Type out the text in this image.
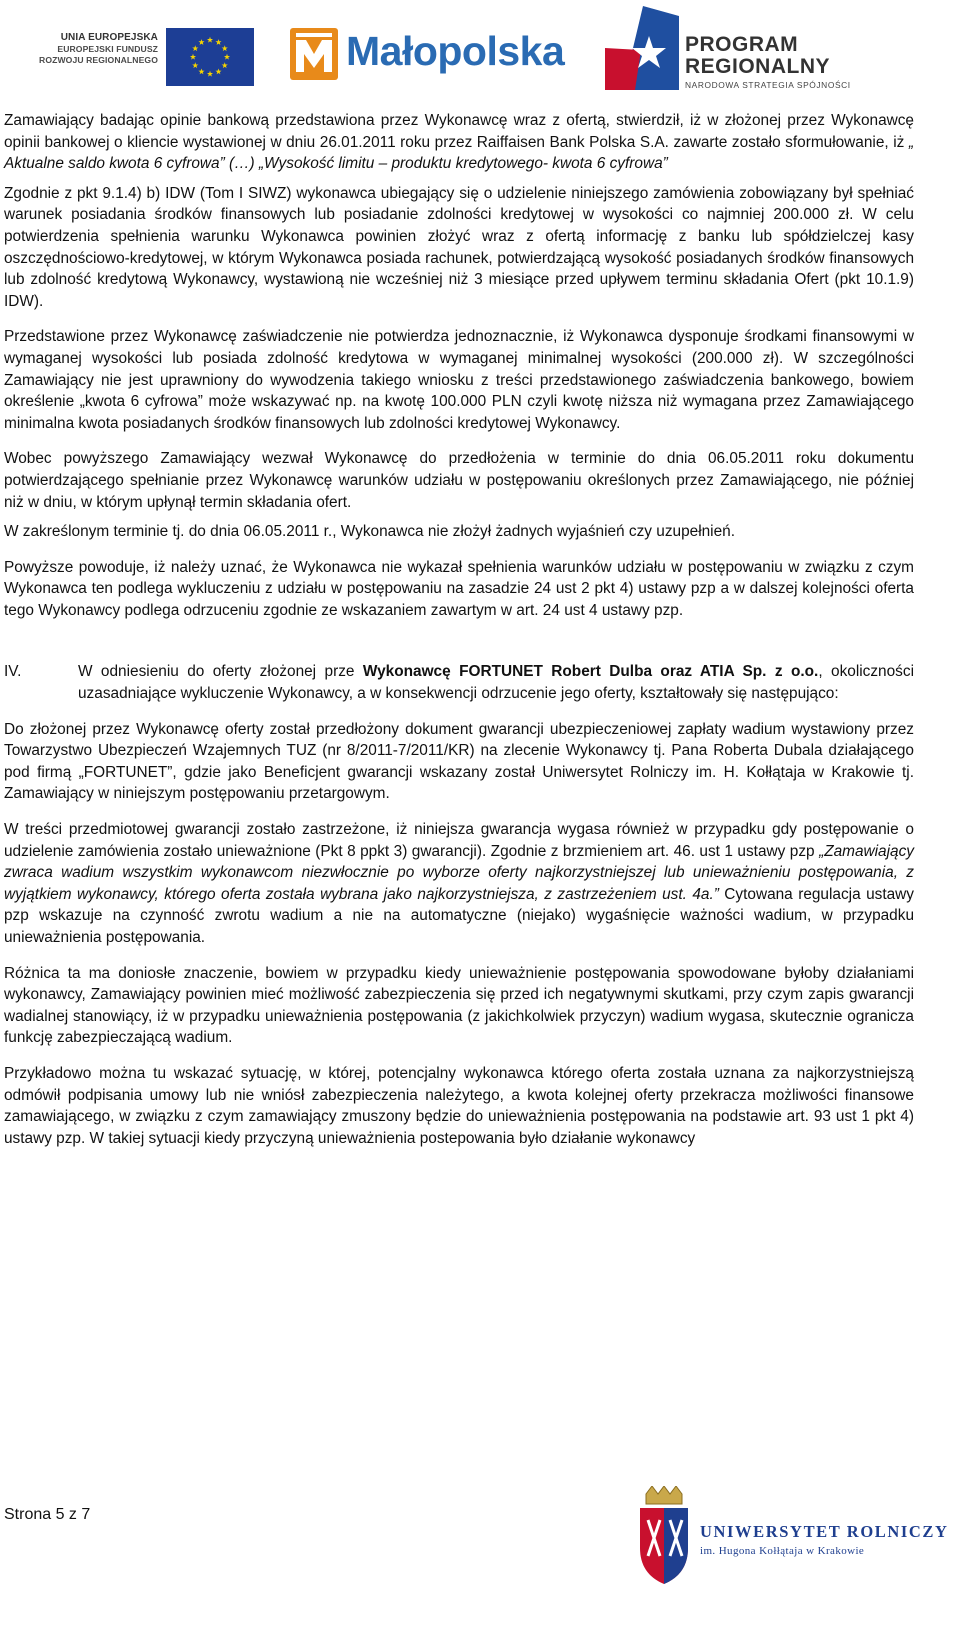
UNIA EUROPEJSKA
EUROPEJSKI FUNDUSZ
ROZWOJU REGIONALNEGO	Małopolska	PROGRAM
REGIONALNY
NARODOWA STRATEGIA SPÓJNOŚCI

Zamawiający badając opinie bankową przedstawiona przez Wykonawcę wraz z ofertą, stwierdził, iż w złożonej przez Wykonawcę opinii bankowej o kliencie wystawionej w dniu 26.01.2011 roku przez Raiffaisen Bank Polska S.A. zawarte zostało sformułowanie, iż „ Aktualne saldo kwota 6 cyfrowa” (…) „Wysokość limitu – produktu kredytowego- kwota 6 cyfrowa”

Zgodnie z pkt 9.1.4) b) IDW (Tom I SIWZ) wykonawca ubiegający się o udzielenie niniejszego zamówienia zobowiązany był spełniać warunek posiadania środków finansowych lub posiadanie zdolności kredytowej w wysokości co najmniej 200.000 zł. W celu potwierdzenia spełnienia warunku Wykonawca powinien złożyć wraz z ofertą informację z banku lub spółdzielczej kasy oszczędnościowo-kredytowej, w którym Wykonawca posiada rachunek, potwierdzającą wysokość posiadanych środków finansowych lub zdolność kredytową Wykonawcy, wystawioną nie wcześniej niż 3 miesiące przed upływem terminu składania Ofert (pkt 10.1.9) IDW).

Przedstawione przez Wykonawcę zaświadczenie nie potwierdza jednoznacznie, iż Wykonawca dysponuje środkami finansowymi w wymaganej wysokości lub posiada zdolność kredytowa w wymaganej minimalnej wysokości (200.000 zł). W szczególności Zamawiający nie jest uprawniony do wywodzenia takiego wniosku z treści przedstawionego zaświadczenia bankowego, bowiem określenie „kwota 6 cyfrowa” może wskazywać np. na kwotę 100.000 PLN czyli kwotę niższa niż wymagana przez Zamawiającego minimalna kwota posiadanych środków finansowych lub zdolności kredytowej Wykonawcy.

Wobec powyższego Zamawiający wezwał Wykonawcę do przedłożenia w terminie do dnia 06.05.2011 roku dokumentu potwierdzającego spełnianie przez Wykonawcę warunków udziału w postępowaniu określonych przez Zamawiającego, nie później niż w dniu, w którym upłynął termin składania ofert.

W zakreślonym terminie tj. do dnia 06.05.2011 r., Wykonawca nie złożył żadnych wyjaśnień czy uzupełnień.

Powyższe powoduje, iż należy uznać, że Wykonawca nie wykazał spełnienia warunków udziału w postępowaniu w związku z czym Wykonawca ten podlega wykluczeniu z udziału w postępowaniu na zasadzie 24 ust 2 pkt 4) ustawy pzp a w dalszej kolejności oferta tego Wykonawcy podlega odrzuceniu zgodnie ze wskazaniem zawartym w art. 24 ust 4 ustawy pzp.

IV.	W odniesieniu do oferty złożonej prze Wykonawcę FORTUNET Robert Dulba oraz ATIA Sp. z o.o., okoliczności uzasadniające wykluczenie Wykonawcy, a w konsekwencji odrzucenie jego oferty, kształtowały się następująco:

Do złożonej przez Wykonawcę oferty został przedłożony dokument gwarancji ubezpieczeniowej zapłaty wadium wystawiony przez Towarzystwo Ubezpieczeń Wzajemnych TUZ (nr 8/2011-7/2011/KR) na zlecenie Wykonawcy tj. Pana Roberta Dubala działającego pod firmą „FORTUNET”, gdzie jako Beneficjent gwarancji wskazany został Uniwersytet Rolniczy im. H. Kołłątaja w Krakowie tj. Zamawiający w niniejszym postępowaniu przetargowym.

W treści przedmiotowej gwarancji zostało zastrzeżone, iż niniejsza gwarancja wygasa również w przypadku gdy postępowanie o udzielenie zamówienia zostało unieważnione (Pkt 8 ppkt 3) gwarancji). Zgodnie z brzmieniem art. 46. ust 1 ustawy pzp „Zamawiający zwraca wadium wszystkim wykonawcom niezwłocznie po wyborze oferty najkorzystniejszej lub unieważnieniu postępowania, z wyjątkiem wykonawcy, którego oferta została wybrana jako najkorzystniejsza, z zastrzeżeniem ust. 4a.” Cytowana regulacja ustawy pzp wskazuje na czynność zwrotu wadium a nie na automatyczne (niejako) wygaśnięcie ważności wadium, w przypadku unieważnienia postępowania.

Różnica ta ma doniosłe znaczenie, bowiem w przypadku kiedy unieważnienie postępowania spowodowane byłoby działaniami wykonawcy, Zamawiający powinien mieć możliwość zabezpieczenia się przed ich negatywnymi skutkami, przy czym zapis gwarancji wadialnej stanowiący, iż w przypadku unieważnienia postępowania (z jakichkolwiek przyczyn) wadium wygasa, skutecznie ogranicza funkcję zabezpieczającą wadium.

Przykładowo można tu wskazać sytuację, w której, potencjalny wykonawca którego oferta została uznana za najkorzystniejszą odmówił podpisania umowy lub nie wniósł zabezpieczenia należytego, a kwota kolejnej oferty przekracza możliwości finansowe zamawiającego, w związku z czym zamawiający zmuszony będzie do unieważnienia postępowania na podstawie art. 93 ust 1 pkt 4) ustawy pzp. W takiej sytuacji kiedy przyczyną unieważnienia postepowania było działanie wykonawcy

Strona 5 z 7
UNIWERSYTET ROLNICZY
im. Hugona Kołłątaja w Krakowie
